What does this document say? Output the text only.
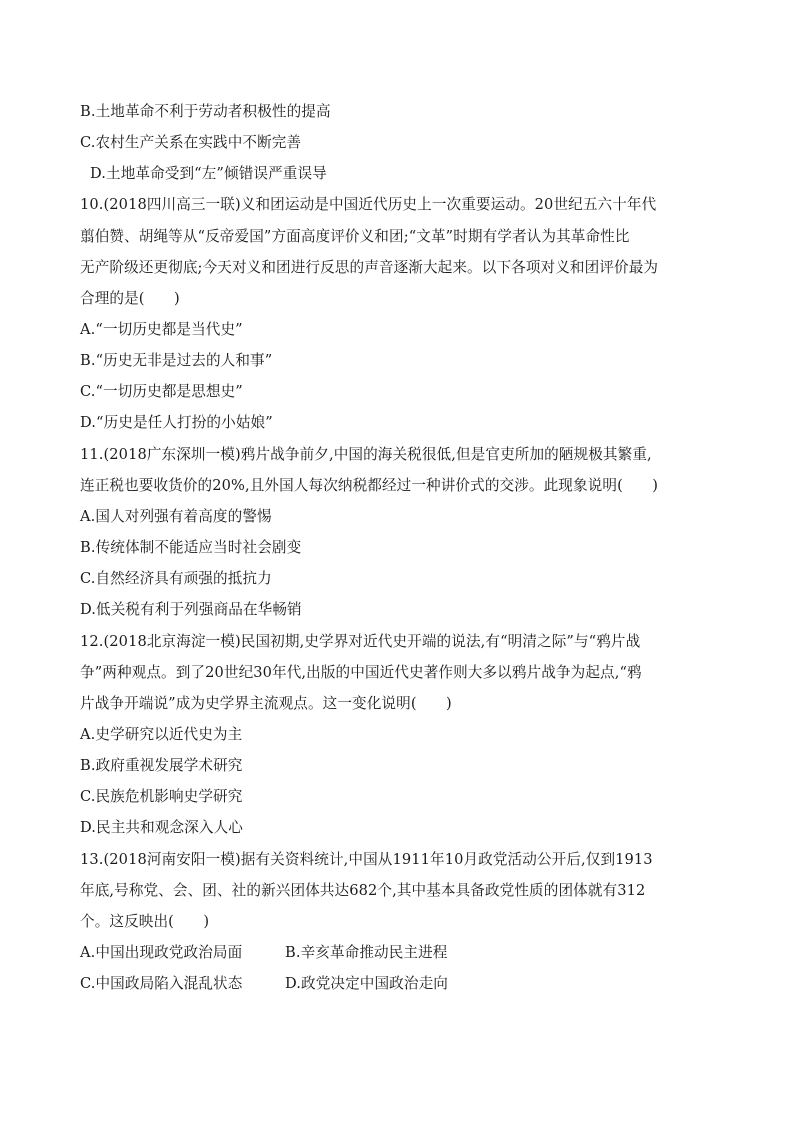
B.土地革命不利于劳动者积极性的提高
C.农村生产关系在实践中不断完善
D.土地革命受到“左”倾错误严重误导
10.(2018四川高三一联)义和团运动是中国近代历史上一次重要运动。20世纪五六十年代
翦伯赞、胡绳等从“反帝爱国”方面高度评价义和团;“文革”时期有学者认为其革命性比
无产阶级还更彻底;今天对义和团进行反思的声音逐渐大起来。以下各项对义和团评价最为
合理的是(　　)
A.“一切历史都是当代史”
B.“历史无非是过去的人和事”
C.“一切历史都是思想史”
D.“历史是任人打扮的小姑娘”
11.(2018广东深圳一模)鸦片战争前夕,中国的海关税很低,但是官吏所加的陋规极其繁重,
连正税也要收货价的20%,且外国人每次纳税都经过一种讲价式的交涉。此现象说明(　　)
A.国人对列强有着高度的警惕
B.传统体制不能适应当时社会剧变
C.自然经济具有顽强的抵抗力
D.低关税有利于列强商品在华畅销
12.(2018北京海淀一模)民国初期,史学界对近代史开端的说法,有“明清之际”与“鸦片战
争”两种观点。到了20世纪30年代,出版的中国近代史著作则大多以鸦片战争为起点,“鸦
片战争开端说”成为史学界主流观点。这一变化说明(　　)
A.史学研究以近代史为主
B.政府重视发展学术研究
C.民族危机影响史学研究
D.民主共和观念深入人心
13.(2018河南安阳一模)据有关资料统计,中国从1911年10月政党活动公开后,仅到1913
年底,号称党、会、团、社的新兴团体共达682个,其中基本具备政党性质的团体就有312
个。这反映出(　　)
A.中国出现政党政治局面	B.辛亥革命推动民主进程
C.中国政局陷入混乱状态	D.政党决定中国政治走向
